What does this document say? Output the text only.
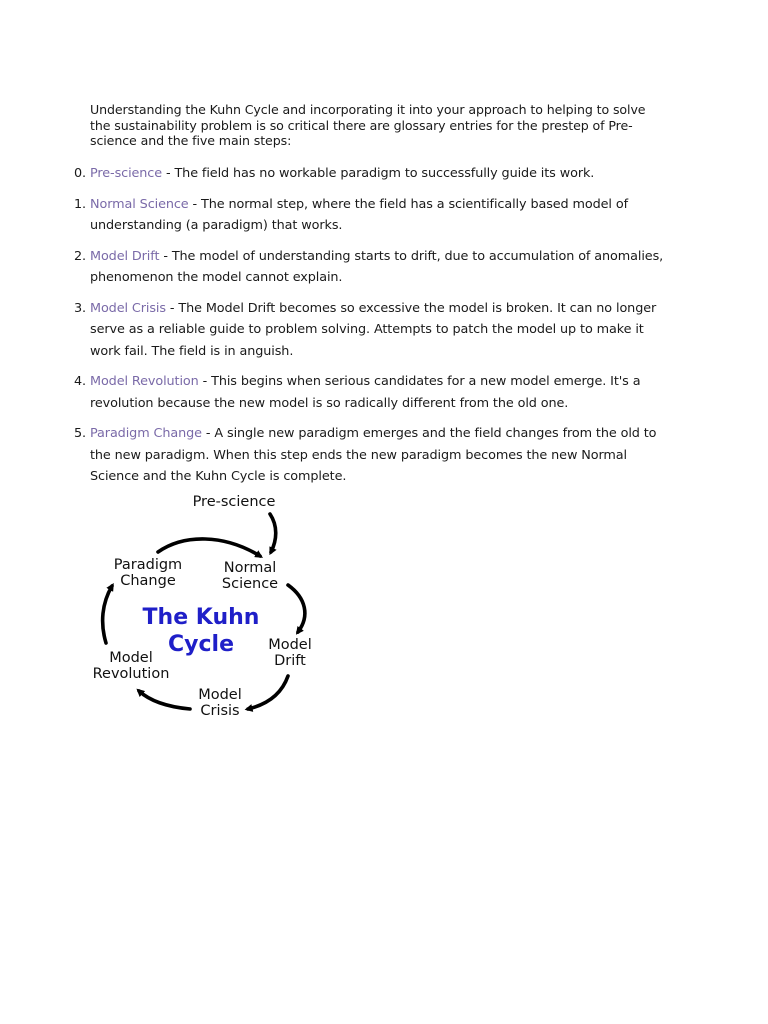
Understanding the Kuhn Cycle and incorporating it into your approach to helping to solve the sustainability problem is so critical there are glossary entries for the prestep of Pre-science and the five main steps:
0. Pre-science - The field has no workable paradigm to successfully guide its work.
1. Normal Science - The normal step, where the field has a scientifically based model of understanding (a paradigm) that works.
2. Model Drift - The model of understanding starts to drift, due to accumulation of anomalies, phenomenon the model cannot explain.
3. Model Crisis - The Model Drift becomes so excessive the model is broken. It can no longer serve as a reliable guide to problem solving. Attempts to patch the model up to make it work fail. The field is in anguish.
4. Model Revolution - This begins when serious candidates for a new model emerge. It's a revolution because the new model is so radically different from the old one.
5. Paradigm Change - A single new paradigm emerges and the field changes from the old to the new paradigm. When this step ends the new paradigm becomes the new Normal Science and the Kuhn Cycle is complete.
Pre-science
Paradigm
Change
Normal
Science
The Kuhn
Cycle	Model
Drift
Model
Revolution
Model
Crisis
